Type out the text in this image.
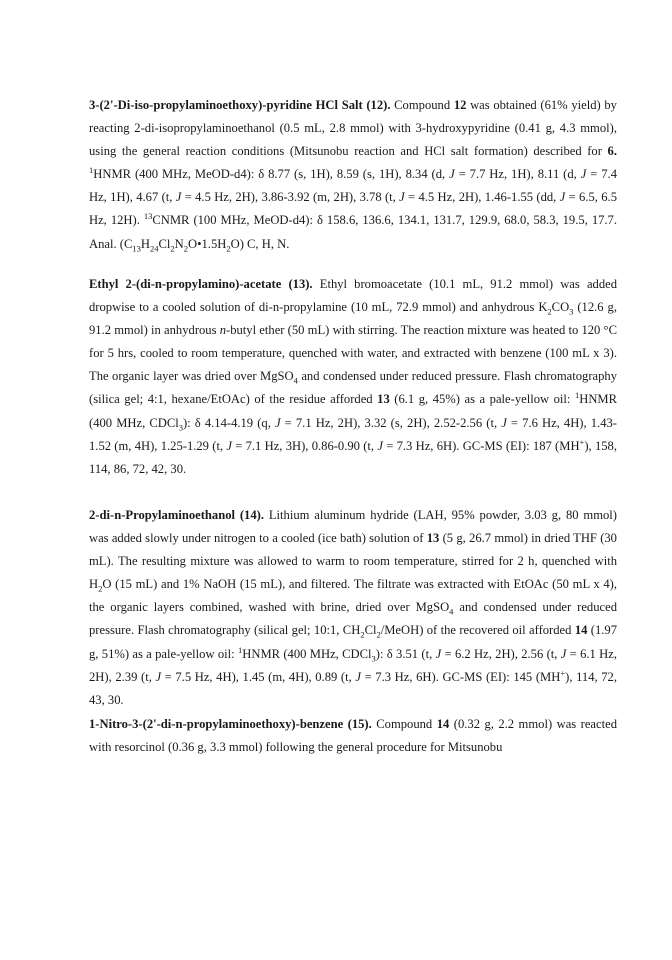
3-(2'-Di-iso-propylaminoethoxy)-pyridine HCl Salt (12). Compound 12 was obtained (61% yield) by reacting 2-di-isopropylaminoethanol (0.5 mL, 2.8 mmol) with 3-hydroxypyridine (0.41 g, 4.3 mmol), using the general reaction conditions (Mitsunobu reaction and HCl salt formation) described for 6. $^1$HNMR (400 MHz, MeOD-d4): δ 8.77 (s, 1H), 8.59 (s, 1H), 8.34 (d, J = 7.7 Hz, 1H), 8.11 (d, J = 7.4 Hz, 1H), 4.67 (t, J = 4.5 Hz, 2H), 3.86-3.92 (m, 2H), 3.78 (t, J = 4.5 Hz, 2H), 1.46-1.55 (dd, J = 6.5, 6.5 Hz, 12H). $^{13}$CNMR (100 MHz, MeOD-d4): δ 158.6, 136.6, 134.1, 131.7, 129.9, 68.0, 58.3, 19.5, 17.7. Anal. $(C_{13}H_{24}Cl_2N_2O•1.5H_2O)$ C, H, N.

Ethyl 2-(di-n-propylamino)-acetate (13). Ethyl bromoacetate (10.1 mL, 91.2 mmol) was added dropwise to a cooled solution of di-n-propylamine (10 mL, 72.9 mmol) and anhydrous $K_2CO_3$ (12.6 g, 91.2 mmol) in anhydrous n-butyl ether (50 mL) with stirring. The reaction mixture was heated to 120 °C for 5 hrs, cooled to room temperature, quenched with water, and extracted with benzene (100 mL x 3). The organic layer was dried over MgSO$_4$ and condensed under reduced pressure. Flash chromatography (silica gel; 4:1, hexane/EtOAc) of the residue afforded 13 (6.1 g, 45%) as a pale-yellow oil: $^1$HNMR (400 MHz, CDCl$_3$): δ 4.14-4.19 (q, J = 7.1 Hz, 2H), 3.32 (s, 2H), 2.52-2.56 (t, J = 7.6 Hz, 4H), 1.43-1.52 (m, 4H), 1.25-1.29 (t, J = 7.1 Hz, 3H), 0.86-0.90 (t, J = 7.3 Hz, 6H). GC-MS (EI): 187 (MH+), 158, 114, 86, 72, 42, 30.

2-di-n-Propylaminoethanol (14). Lithium aluminum hydride (LAH, 95% powder, 3.03 g, 80 mmol) was added slowly under nitrogen to a cooled (ice bath) solution of 13 (5 g, 26.7 mmol) in dried THF (30 mL). The resulting mixture was allowed to warm to room temperature, stirred for 2 h, quenched with $H_2O$ (15 mL) and 1% NaOH (15 mL), and filtered. The filtrate was extracted with EtOAc (50 mL x 4), the organic layers combined, washed with brine, dried over MgSO$_4$ and condensed under reduced pressure. Flash chromatography (silical gel; 10:1, $CH_2Cl_2/MeOH$) of the recovered oil afforded 14 (1.97 g, 51%) as a pale-yellow oil: $^1$HNMR (400 MHz, CDCl$_3$): δ 3.51 (t, J = 6.2 Hz, 2H), 2.56 (t, J = 6.1 Hz, 2H), 2.39 (t, J = 7.5 Hz, 4H), 1.45 (m, 4H), 0.89 (t, J = 7.3 Hz, 6H). GC-MS (EI): 145 (MH+), 114, 72, 43, 30.

1-Nitro-3-(2'-di-n-propylaminoethoxy)-benzene (15). Compound 14 (0.32 g, 2.2 mmol) was reacted with resorcinol (0.36 g, 3.3 mmol) following the general procedure for Mitsunobu
